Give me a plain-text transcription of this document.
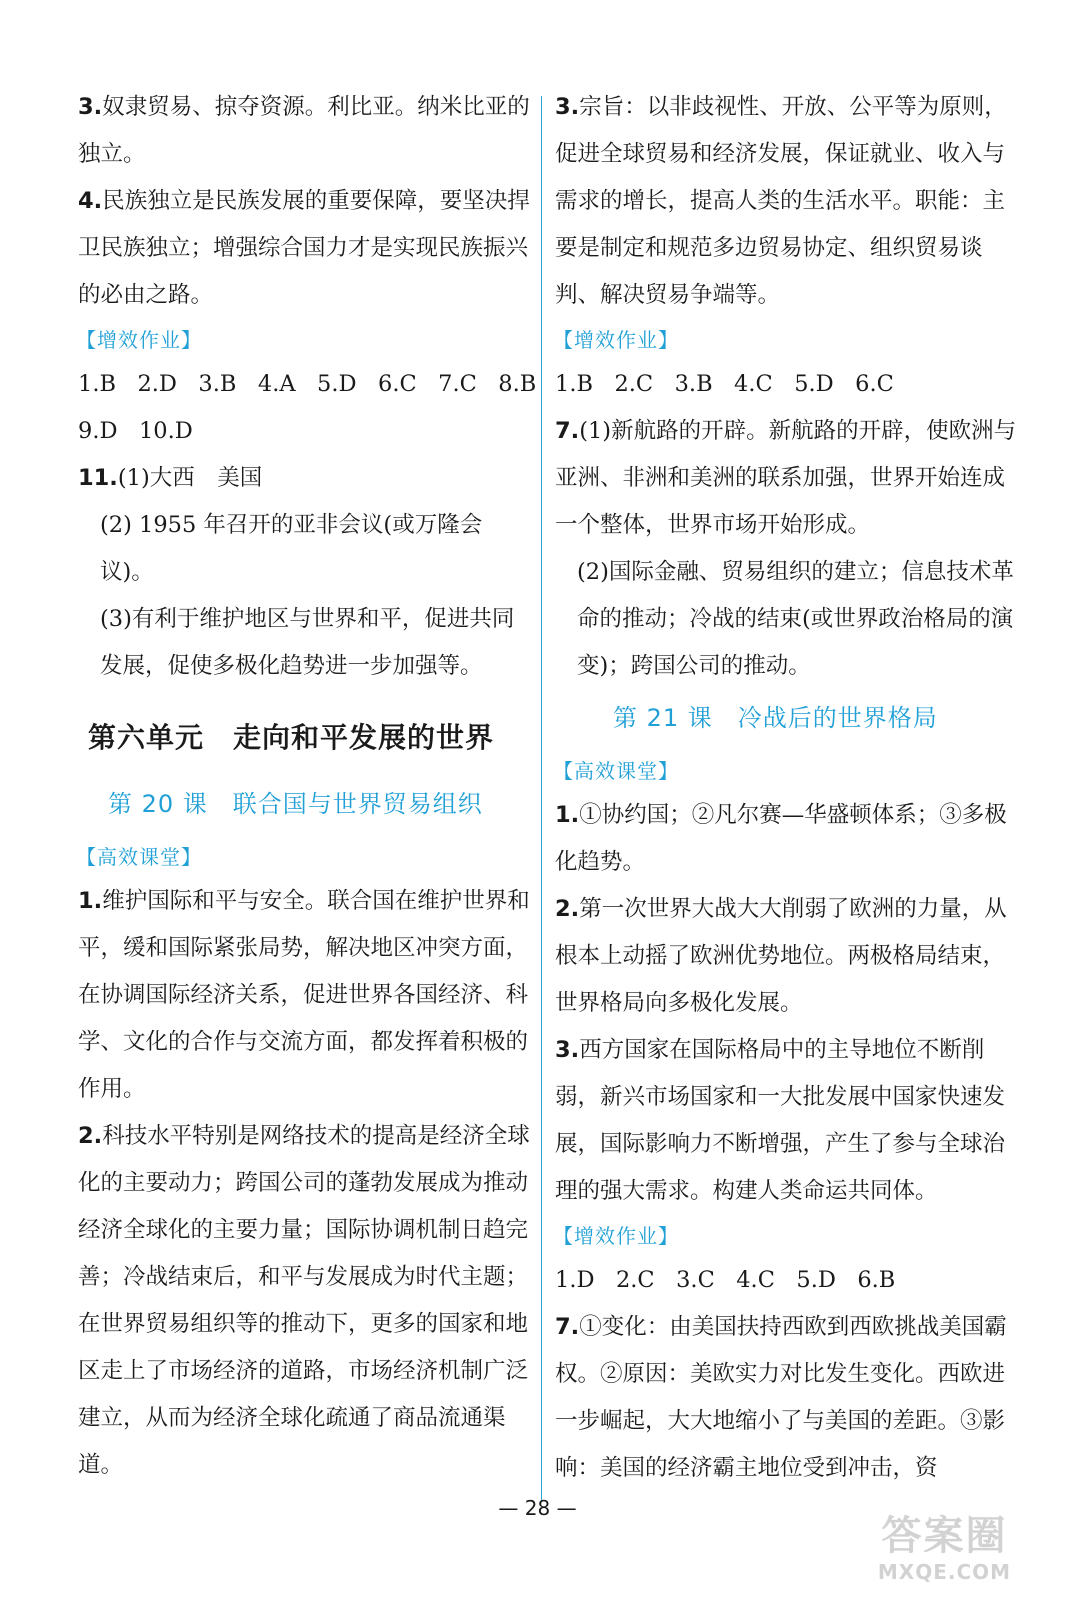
3.奴隶贸易、掠夺资源。利比亚。纳米比亚的独立。

4.民族独立是民族发展的重要保障，要坚决捍卫民族独立；增强综合国力才是实现民族振兴的必由之路。

【增效作业】

1.B   2.D   3.B   4.A   5.D   6.C   7.C   8.B

9.D   10.D

11.(1)大西　美国

(2) 1955 年召开的亚非会议(或万隆会议)。

(3)有利于维护地区与世界和平，促进共同发展，促使多极化趋势进一步加强等。

第六单元　走向和平发展的世界
第 20 课　联合国与世界贸易组织
【高效课堂】

1.维护国际和平与安全。联合国在维护世界和平，缓和国际紧张局势，解决地区冲突方面，在协调国际经济关系，促进世界各国经济、科学、文化的合作与交流方面，都发挥着积极的作用。

2.科技水平特别是网络技术的提高是经济全球化的主要动力；跨国公司的蓬勃发展成为推动经济全球化的主要力量；国际协调机制日趋完善；冷战结束后，和平与发展成为时代主题；在世界贸易组织等的推动下，更多的国家和地区走上了市场经济的道路，市场经济机制广泛建立，从而为经济全球化疏通了商品流通渠道。

3.宗旨：以非歧视性、开放、公平等为原则，促进全球贸易和经济发展，保证就业、收入与需求的增长，提高人类的生活水平。职能：主要是制定和规范多边贸易协定、组织贸易谈判、解决贸易争端等。

【增效作业】

1.B   2.C   3.B   4.C   5.D   6.C

7.(1)新航路的开辟。新航路的开辟，使欧洲与亚洲、非洲和美洲的联系加强，世界开始连成一个整体，世界市场开始形成。

(2)国际金融、贸易组织的建立；信息技术革命的推动；冷战的结束(或世界政治格局的演变)；跨国公司的推动。

第 21 课　冷战后的世界格局
【高效课堂】

1.①协约国；②凡尔赛—华盛顿体系；③多极化趋势。

2.第一次世界大战大大削弱了欧洲的力量，从根本上动摇了欧洲优势地位。两极格局结束，世界格局向多极化发展。

3.西方国家在国际格局中的主导地位不断削弱，新兴市场国家和一大批发展中国家快速发展，国际影响力不断增强，产生了参与全球治理的强大需求。构建人类命运共同体。

【增效作业】

1.D   2.C   3.C   4.C   5.D   6.B

7.①变化：由美国扶持西欧到西欧挑战美国霸权。②原因：美欧实力对比发生变化。西欧进一步崛起，大大地缩小了与美国的差距。③影响：美国的经济霸主地位受到冲击，资

— 28 —
答案圈
MXQE.COM
